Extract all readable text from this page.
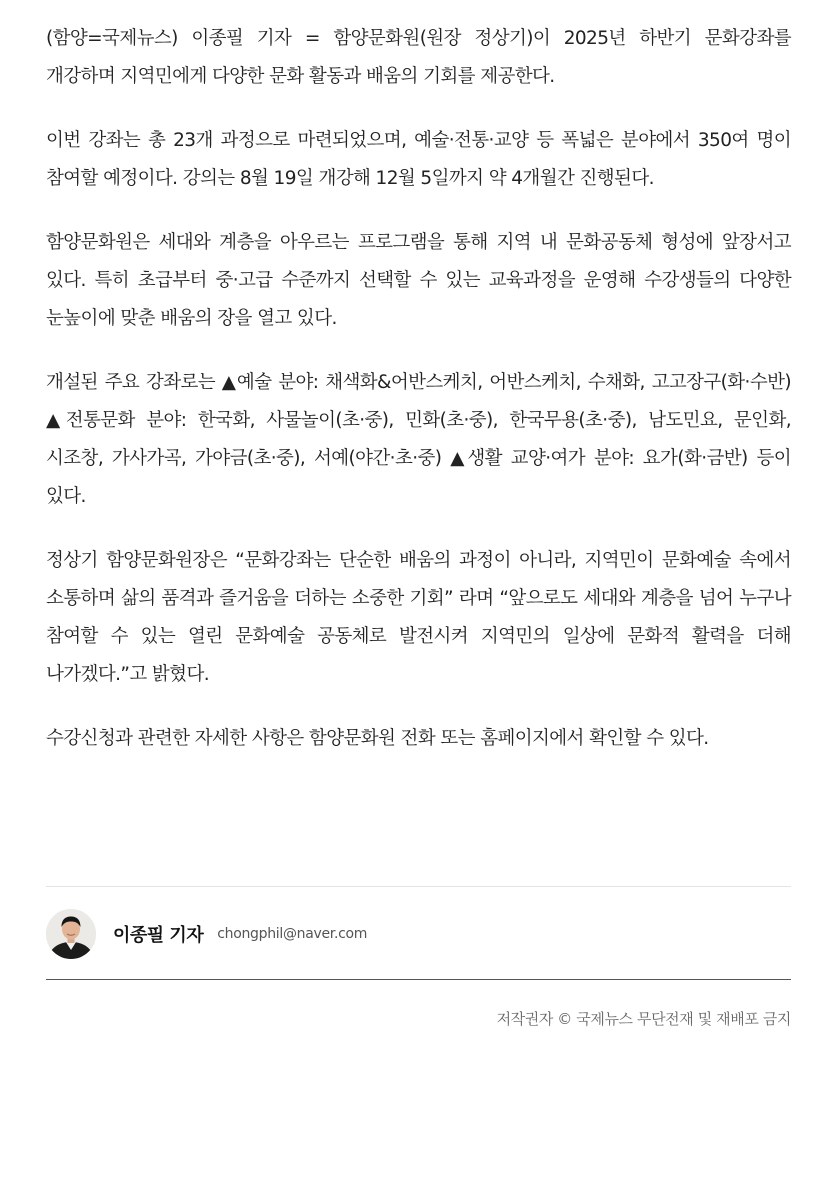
(함양=국제뉴스) 이종필 기자 = 함양문화원(원장 정상기)이 2025년 하반기 문화강좌를 개강하며 지역민에게 다양한 문화 활동과 배움의 기회를 제공한다.

이번 강좌는 총 23개 과정으로 마련되었으며, 예술·전통·교양 등 폭넓은 분야에서 350여 명이 참여할 예정이다. 강의는 8월 19일 개강해 12월 5일까지 약 4개월간 진행된다.

함양문화원은 세대와 계층을 아우르는 프로그램을 통해 지역 내 문화공동체 형성에 앞장서고 있다. 특히 초급부터 중·고급 수준까지 선택할 수 있는 교육과정을 운영해 수강생들의 다양한 눈높이에 맞춘 배움의 장을 열고 있다.

개설된 주요 강좌로는 ▲예술 분야: 채색화&어반스케치, 어반스케치, 수채화, 고고장구(화·수반) ▲전통문화 분야: 한국화, 사물놀이(초·중), 민화(초·중), 한국무용(초·중), 남도민요, 문인화, 시조창, 가사가곡, 가야금(초·중), 서예(야간·초·중) ▲생활 교양·여가 분야: 요가(화·금반) 등이 있다.

정상기 함양문화원장은 “문화강좌는 단순한 배움의 과정이 아니라, 지역민이 문화예술 속에서 소통하며 삶의 품격과 즐거움을 더하는 소중한 기회” 라며 “앞으로도 세대와 계층을 넘어 누구나 참여할 수 있는 열린 문화예술 공동체로 발전시켜 지역민의 일상에 문화적 활력을 더해 나가겠다.”고 밝혔다.

수강신청과 관련한 자세한 사항은 함양문화원 전화 또는 홈페이지에서 확인할 수 있다.

이종필 기자 chongphil@naver.com
저작권자 © 국제뉴스 무단전재 및 재배포 금지
